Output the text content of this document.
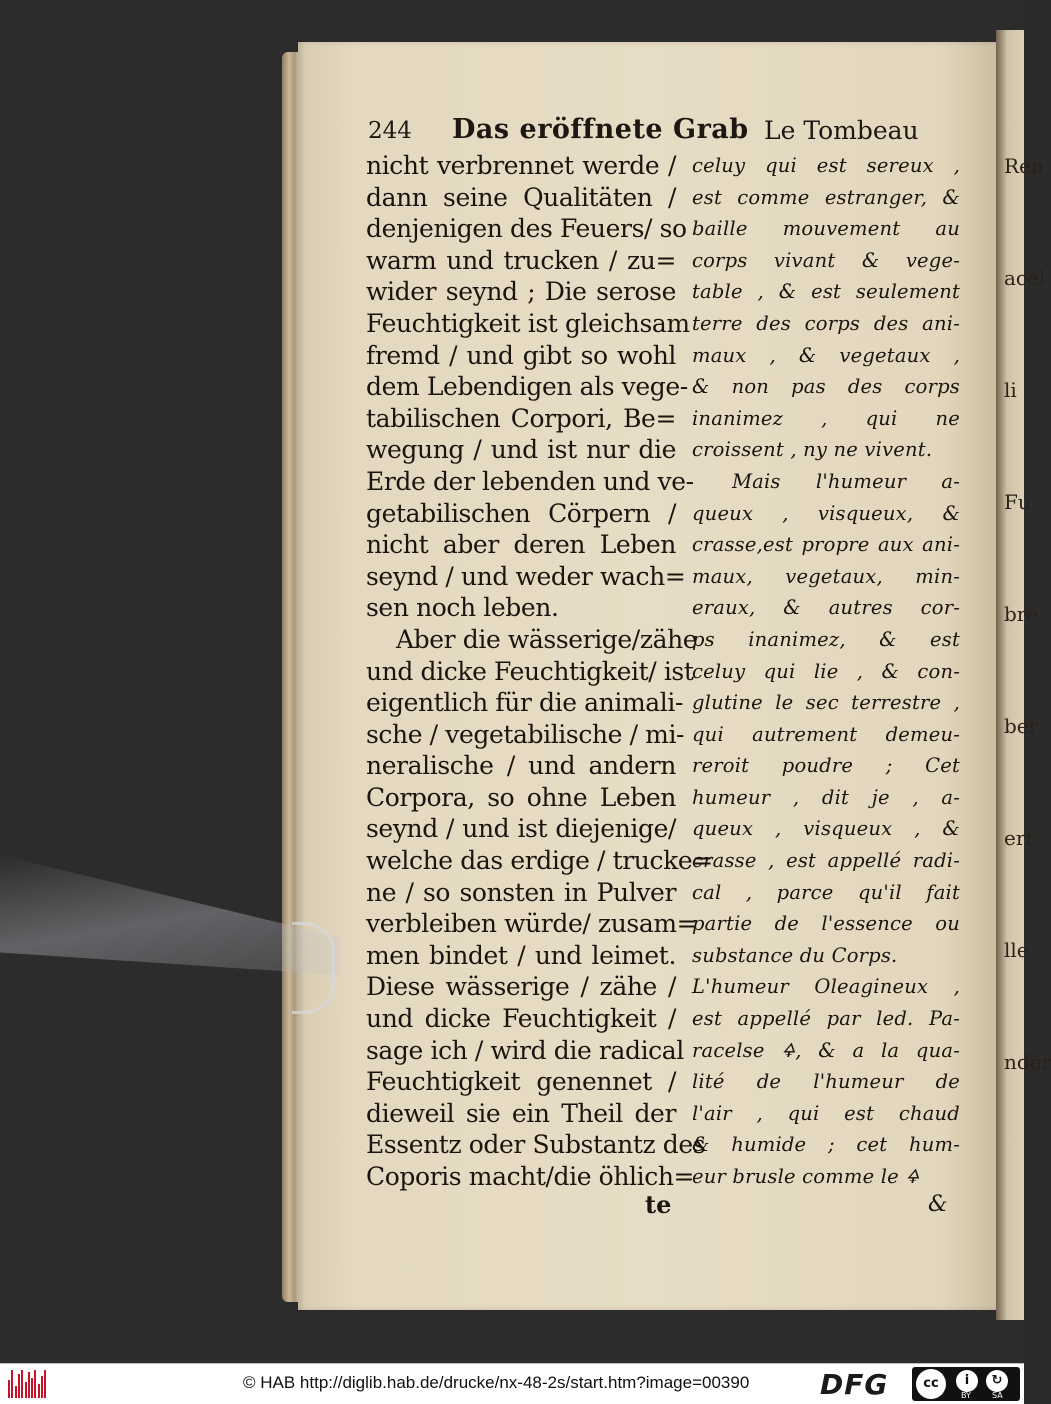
Ren
acel
li
Fu
bre
ber
erf
lle
nder
244 Das eröffnete Grab Le Tombeau
nicht verbrennet werde /
dann seine Qualitäten /
denjenigen des Feuers/ so
warm und trucken / zu=
wider seynd ; Die serose
Feuchtigkeit ist gleichsam
fremd / und gibt so wohl
dem Lebendigen als vege-
tabilischen Corpori, Be=
wegung / und ist nur die
Erde der lebenden und ve-
getabilischen Cörpern /
nicht aber deren Leben
seynd / und weder wach=
sen noch leben.
Aber die wässerige/zähe
und dicke Feuchtigkeit/ ist
eigentlich für die animali-
sche / vegetabilische / mi-
neralische / und andern
Corpora, so ohne Leben
seynd / und ist diejenige/
welche das erdige / trucke=
ne / so sonsten in Pulver
verbleiben würde/ zusam=
men bindet / und leimet.
Diese wässerige / zähe /
und dicke Feuchtigkeit /
sage ich / wird die radical
Feuchtigkeit genennet /
dieweil sie ein Theil der
Essentz oder Substantz des
Coporis macht/die öhlich=
celuy qui est sereux ,
est comme estranger, &
baille mouvement au
corps vivant & vege-
table , & est seulement
terre des corps des ani-
maux , & vegetaux ,
& non pas des corps
inanimez , qui ne
croissent , ny ne vivent.
Mais l'humeur a-
queux , visqueux, &
crasse,est propre aux ani-
maux, vegetaux, min-
eraux, & autres cor-
ps inanimez, & est
celuy qui lie , & con-
glutine le sec terrestre ,
qui autrement demeu-
reroit poudre ; Cet
humeur , dit je , a-
queux , visqueux , &
crasse , est appellé radi-
cal , parce qu'il fait
partie de l'essence ou
substance du Corps.
L'humeur Oleagineux ,
est appellé par led. Pa-
racelse 🜍, & a la qua-
lité de l'humeur de
l'air , qui est chaud
& humide ; cet hum-
eur brusle comme le 🜍
te	&
© HAB http://diglib.hab.de/drucke/nx-48-2s/start.htm?image=00390	DFG	cc	i	↻
BY	SA
